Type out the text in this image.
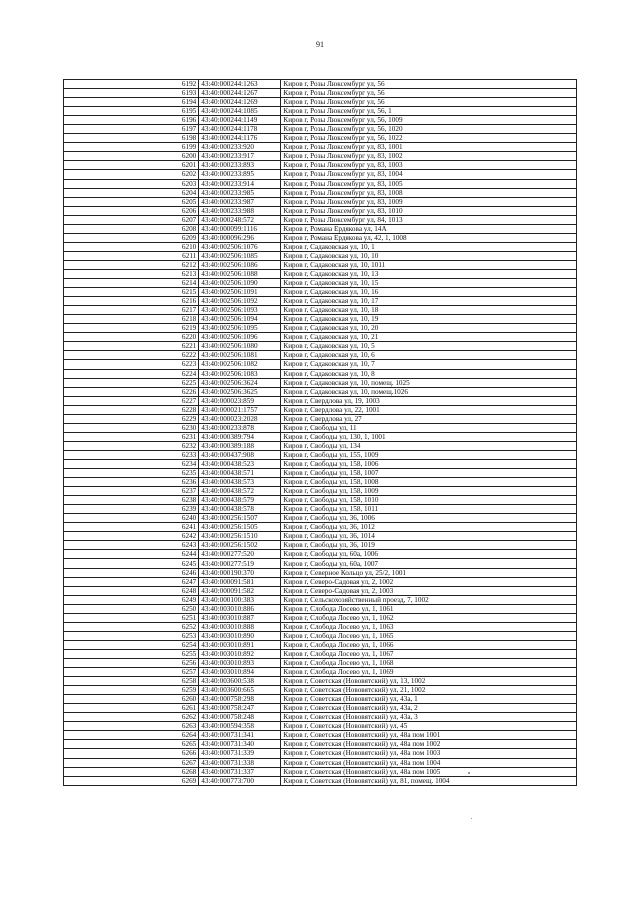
91
6192	43:40:000244:1263	Киров г, Розы Люксембург ул, 56
6193	43:40:000244:1267	Киров г, Розы Люксембург ул, 56
6194	43:40:000244:1269	Киров г, Розы Люксембург ул, 56
6195	43:40:000244:1085	Киров г, Розы Люксембург ул, 56, 1
6196	43:40:000244:1149	Киров г, Розы Люксембург ул, 56, 1009
6197	43:40:000244:1178	Киров г, Розы Люксембург ул, 56, 1020
6198	43:40:000244:1176	Киров г, Розы Люксембург ул, 56, 1022
6199	43:40:000233:920	Киров г, Розы Люксембург ул, 83, 1001
6200	43:40:000233:917	Киров г, Розы Люксембург ул, 83, 1002
6201	43:40:000233:893	Киров г, Розы Люксембург ул, 83, 1003
6202	43:40:000233:895	Киров г, Розы Люксембург ул, 83, 1004
6203	43:40:000233:914	Киров г, Розы Люксембург ул, 83, 1005
6204	43:40:000233:985	Киров г, Розы Люксембург ул, 83, 1008
6205	43:40:000233:987	Киров г, Розы Люксембург ул, 83, 1009
6206	43:40:000233:988	Киров г, Розы Люксембург ул, 83, 1010
6207	43:40:000248:572	Киров г, Розы Люксембург ул, 84, 1013
6208	43:40:000099:1116	Киров г, Романа Ердякова ул, 14А
6209	43:40:000096:296	Киров г, Романа Ердякова ул, 42, 1, 1008
6210	43:40:002506:1076	Киров г, Садаковская ул, 10, 1
6211	43:40:002506:1085	Киров г, Садаковская ул, 10, 10
6212	43:40:002506:1086	Киров г, Садаковская ул, 10, 1011
6213	43:40:002506:1088	Киров г, Садаковская ул, 10, 13
6214	43:40:002506:1090	Киров г, Садаковская ул, 10, 15
6215	43:40:002506:1091	Киров г, Садаковская ул, 10, 16
6216	43:40:002506:1092	Киров г, Садаковская ул, 10, 17
6217	43:40:002506:1093	Киров г, Садаковская ул, 10, 18
6218	43:40:002506:1094	Киров г, Садаковская ул, 10, 19
6219	43:40:002506:1095	Киров г, Садаковская ул, 10, 20
6220	43:40:002506:1096	Киров г, Садаковская ул, 10, 21
6221	43:40:002506:1080	Киров г, Садаковская ул, 10, 5
6222	43:40:002506:1081	Киров г, Садаковская ул, 10, 6
6223	43:40:002506:1082	Киров г, Садаковская ул, 10, 7
6224	43:40:002506:1083	Киров г, Садаковская ул, 10, 8
6225	43:40:002506:3624	Киров г, Садаковская ул, 10, помещ. 1025
6226	43:40:002506:3625	Киров г, Садаковская ул, 10, помещ.1026
6227	43:40:000023:859	Киров г, Свердлова ул, 19, 1003
6228	43:40:000021:1757	Киров г, Свердлова ул, 22, 1001
6229	43:40:000023:2028	Киров г, Свердлова ул, 27
6230	43:40:000233:878	Киров г, Свободы ул, 11
6231	43:40:000389:794	Киров г, Свободы ул, 130, 1, 1001
6232	43:40:000389:188	Киров г, Свободы ул, 134
6233	43:40:000437:908	Киров г, Свободы ул, 155, 1009
6234	43:40:000438:523	Киров г, Свободы ул, 158, 1006
6235	43:40:000438:571	Киров г, Свободы ул, 158, 1007
6236	43:40:000438:573	Киров г, Свободы ул, 158, 1008
6237	43:40:000438:572	Киров г, Свободы ул, 158, 1009
6238	43:40:000438:579	Киров г, Свободы ул, 158, 1010
6239	43:40:000438:578	Киров г, Свободы ул, 158, 1011
6240	43:40:000256:1507	Киров г, Свободы ул, 36, 1006
6241	43:40:000256:1505	Киров г, Свободы ул, 36, 1012
6242	43:40:000256:1510	Киров г, Свободы ул, 36, 1014
6243	43:40:000256:1502	Киров г, Свободы ул, 36, 1019
6244	43:40:000277:520	Киров г, Свободы ул, 60а, 1006
6245	43:40:000277:519	Киров г, Свободы ул, 60а, 1007
6246	43:40:000190:370	Киров г, Северное Кольцо ул, 25/2, 1001
6247	43:40:000091:581	Киров г, Северо-Садовая ул, 2, 1002
6248	43:40:000091:582	Киров г, Северо-Садовая ул, 2, 1003
6249	43:40:000100:383	Киров г, Сельскохозяйственный проезд, 7, 1002
6250	43:40:003010:886	Киров г, Слобода Лосево ул, 1, 1061
6251	43:40:003010:887	Киров г, Слобода Лосево ул, 1, 1062
6252	43:40:003010:888	Киров г, Слобода Лосево ул, 1, 1063
6253	43:40:003010:890	Киров г, Слобода Лосево ул, 1, 1065
6254	43:40:003010:891	Киров г, Слобода Лосево ул, 1, 1066
6255	43:40:003010:892	Киров г, Слобода Лосево ул, 1, 1067
6256	43:40:003010:893	Киров г, Слобода Лосево ул, 1, 1068
6257	43:40:003010:894	Киров г, Слобода Лосево ул, 1, 1069
6258	43:40:003600:538	Киров г, Советская (Нововятский) ул, 13, 1002
6259	43:40:003600:665	Киров г, Советская (Нововятский) ул, 21, 1002
6260	43:40:000758:298	Киров г, Советская (Нововятский) ул, 43а, 1
6261	43:40:000758:247	Киров г, Советская (Нововятский) ул, 43а, 2
6262	43:40:000758:248	Киров г, Советская (Нововятский) ул, 43а, 3
6263	43:40:000594:358	Киров г, Советская (Нововятский) ул, 45
6264	43:40:000731:341	Киров г, Советская (Нововятский) ул, 48а пом 1001
6265	43:40:000731:340	Киров г, Советская (Нововятский) ул, 48а пом 1002
6266	43:40:000731:339	Киров г, Советская (Нововятский) ул, 48а пом 1003
6267	43:40:000731:338	Киров г, Советская (Нововятский) ул, 48а пом 1004
6268	43:40:000731:337	Киров г, Советская (Нововятский) ул, 48а пом 1005
6269	43:40:000773:700	Киров г, Советская (Нововятский) ул, 81, помещ. 1004
